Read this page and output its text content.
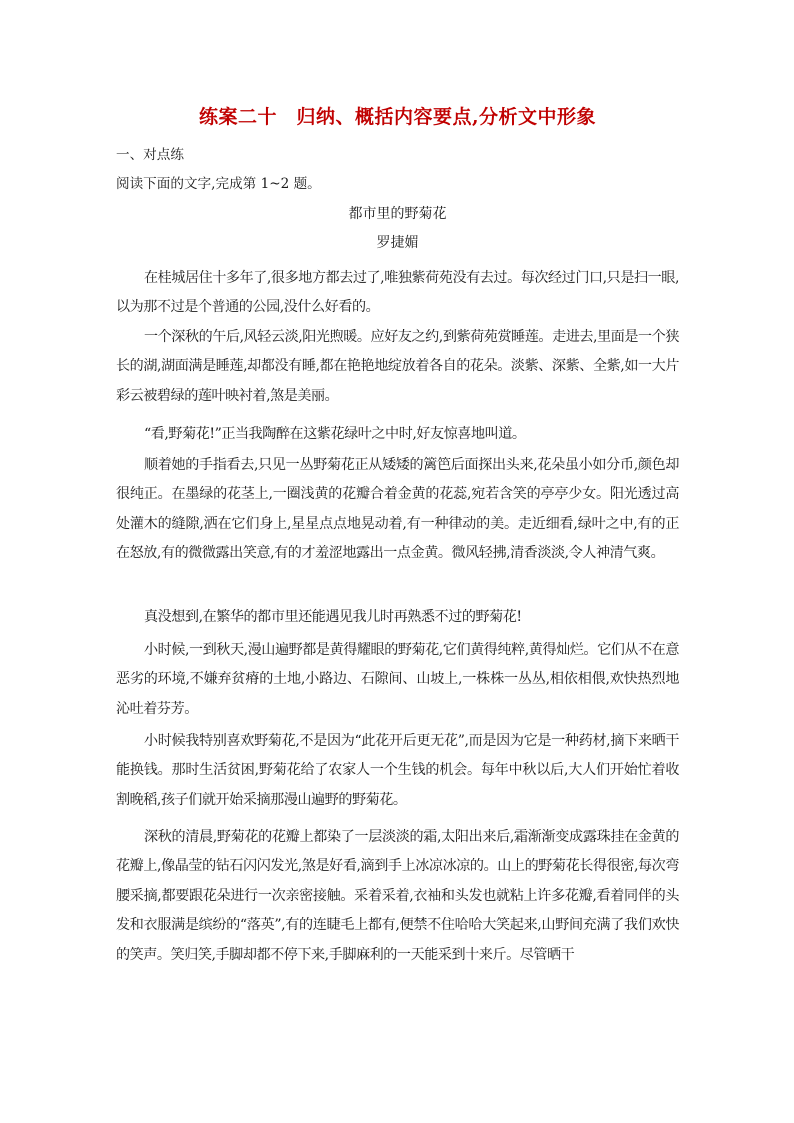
练案二十　归纳、概括内容要点,分析文中形象
一、对点练
阅读下面的文字,完成第 1~2 题。
都市里的野菊花
罗捷媚

在桂城居住十多年了,很多地方都去过了,唯独紫荷苑没有去过。每次经过门口,只是扫一眼,以为那不过是个普通的公园,没什么好看的。

一个深秋的午后,风轻云淡,阳光煦暖。应好友之约,到紫荷苑赏睡莲。走进去,里面是一个狭长的湖,湖面满是睡莲,却都没有睡,都在艳艳地绽放着各自的花朵。淡紫、深紫、全紫,如一大片彩云被碧绿的莲叶映衬着,煞是美丽。

“看,野菊花!”正当我陶醉在这紫花绿叶之中时,好友惊喜地叫道。

顺着她的手指看去,只见一丛野菊花正从矮矮的篱笆后面探出头来,花朵虽小如分币,颜色却很纯正。在墨绿的花茎上,一圈浅黄的花瓣合着金黄的花蕊,宛若含笑的亭亭少女。阳光透过高处灌木的缝隙,洒在它们身上,星星点点地晃动着,有一种律动的美。走近细看,绿叶之中,有的正在怒放,有的微微露出笑意,有的才羞涩地露出一点金黄。微风轻拂,清香淡淡,令人神清气爽。

真没想到,在繁华的都市里还能遇见我儿时再熟悉不过的野菊花!

小时候,一到秋天,漫山遍野都是黄得耀眼的野菊花,它们黄得纯粹,黄得灿烂。它们从不在意恶劣的环境,不嫌弃贫瘠的土地,小路边、石隙间、山坡上,一株株一丛丛,相依相偎,欢快热烈地沁吐着芬芳。

小时候我特别喜欢野菊花,不是因为“此花开后更无花”,而是因为它是一种药材,摘下来晒干能换钱。那时生活贫困,野菊花给了农家人一个生钱的机会。每年中秋以后,大人们开始忙着收割晚稻,孩子们就开始采摘那漫山遍野的野菊花。

深秋的清晨,野菊花的花瓣上都染了一层淡淡的霜,太阳出来后,霜渐渐变成露珠挂在金黄的花瓣上,像晶莹的钻石闪闪发光,煞是好看,滴到手上冰凉冰凉的。山上的野菊花长得很密,每次弯腰采摘,都要跟花朵进行一次亲密接触。采着采着,衣袖和头发也就粘上许多花瓣,看着同伴的头发和衣服满是缤纷的“落英”,有的连睫毛上都有,便禁不住哈哈大笑起来,山野间充满了我们欢快的笑声。笑归笑,手脚却都不停下来,手脚麻利的一天能采到十来斤。尽管晒干
